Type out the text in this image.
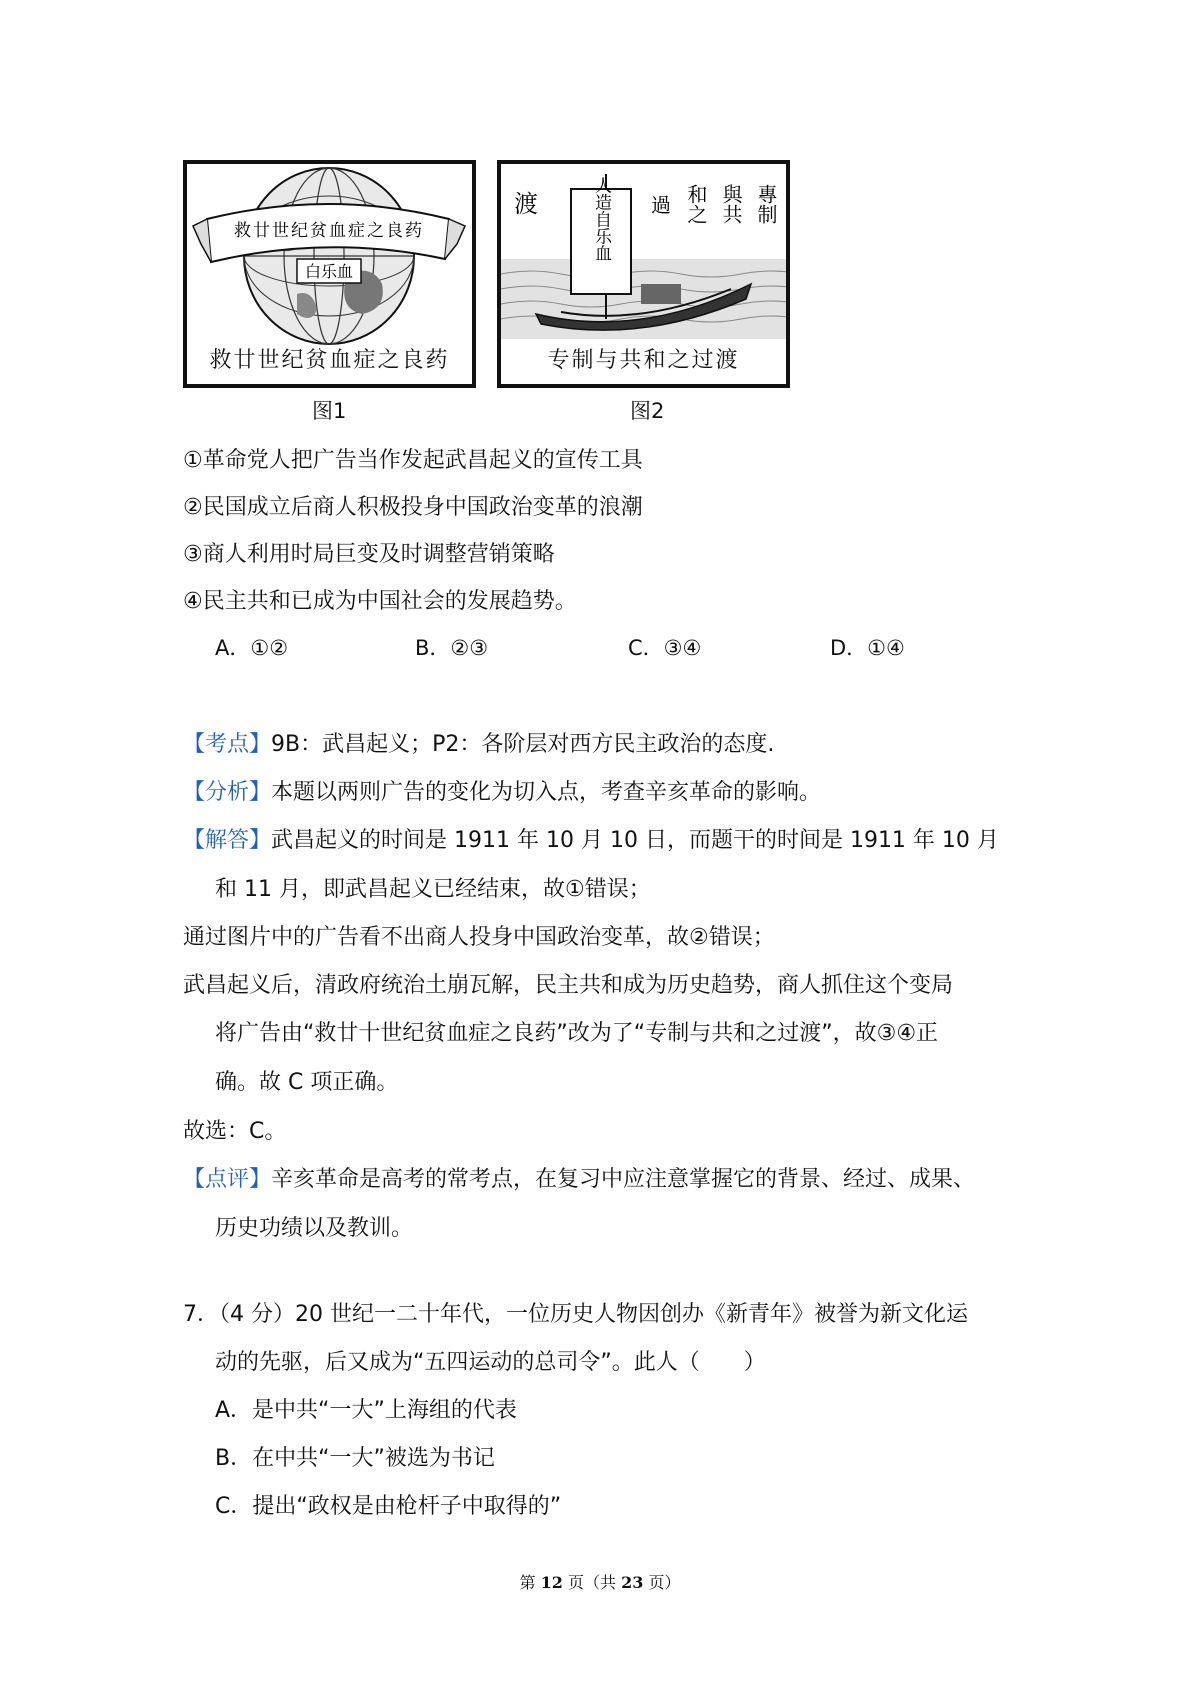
白乐血
救廿世纪贫血症之良药
救廿世纪贫血症之良药
人造自乐血
渡	專制
與共
和之
過
专制与共和之过渡
图1	图2
①革命党人把广告当作发起武昌起义的宣传工具
②民国成立后商人积极投身中国政治变革的浪潮
③商人利用时局巨变及时调整营销策略
④民主共和已成为中国社会的发展趋势。
A．①②	B．②③	C．③④	D．①④
【考点】9B：武昌起义；P2：各阶层对西方民主政治的态度.
【分析】本题以两则广告的变化为切入点，考查辛亥革命的影响。
【解答】武昌起义的时间是 1911 年 10 月 10 日，而题干的时间是 1911 年 10 月
和 11 月，即武昌起义已经结束，故①错误；
通过图片中的广告看不出商人投身中国政治变革，故②错误；
武昌起义后，清政府统治土崩瓦解，民主共和成为历史趋势，商人抓住这个变局
将广告由“救廿十世纪贫血症之良药”改为了“专制与共和之过渡”，故③④正
确。故 C 项正确。
故选：C。
【点评】辛亥革命是高考的常考点，在复习中应注意掌握它的背景、经过、成果、
历史功绩以及教训。
7．（4 分）20 世纪一二十年代，一位历史人物因创办《新青年》被誉为新文化运
动的先驱，后又成为“五四运动的总司令”。此人（　　）
A．是中共“一大”上海组的代表
B．在中共“一大”被选为书记
C．提出“政权是由枪杆子中取得的”
第 12 页（共 23 页）
